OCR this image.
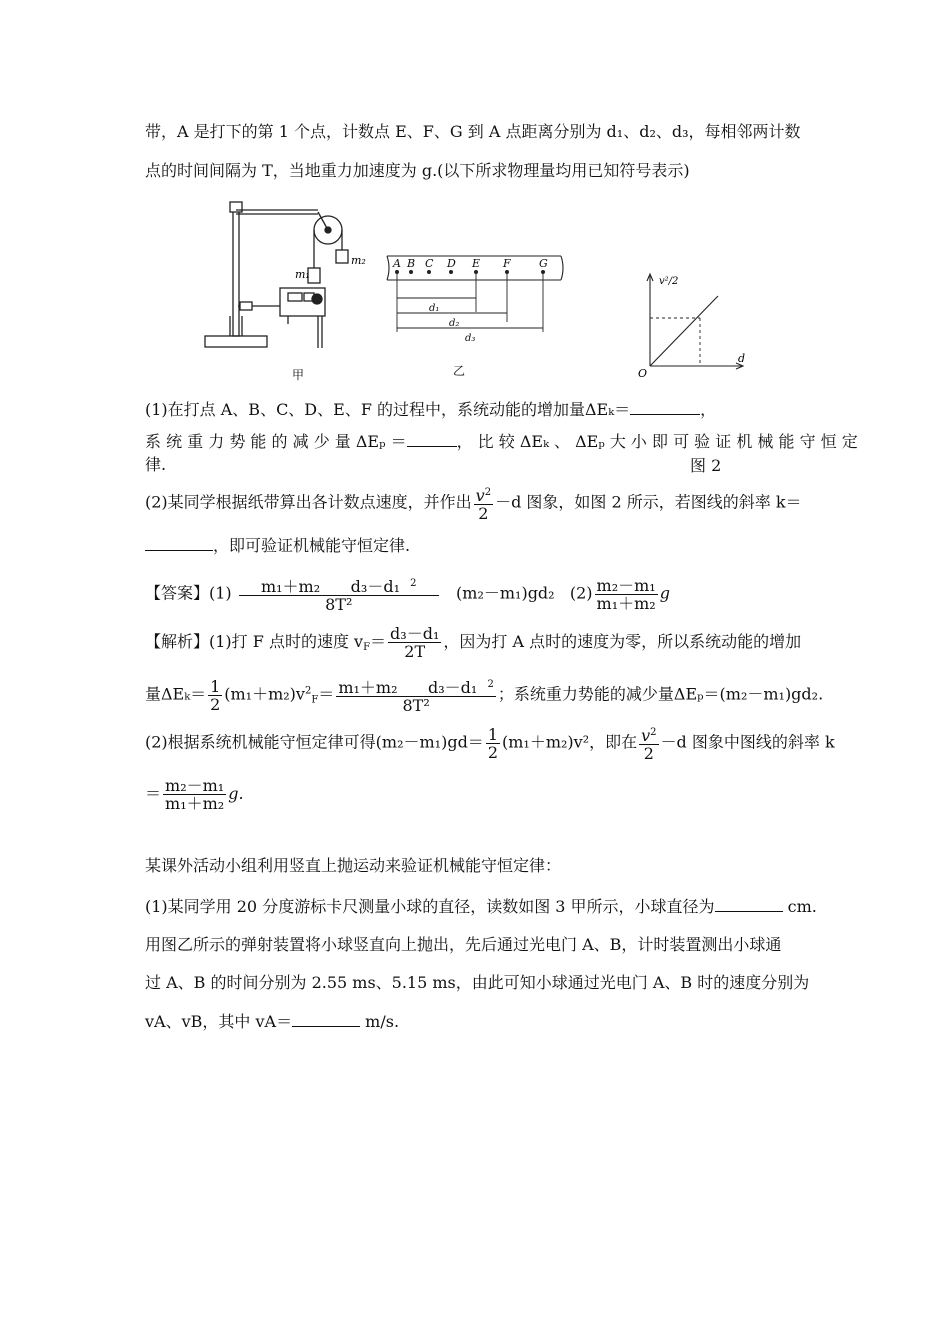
带，A 是打下的第 1 个点，计数点 E、F、G 到 A 点距离分别为 d₁、d₂、d₃，每相邻两计数
点的时间间隔为 T，当地重力加速度为 g.(以下所求物理量均用已知符号表示)
m₁
m₂
甲
A B C D E F	G
d₁
d₂
d₃
乙
v²/2
d
O
(1)在打点 A、B、C、D、E、F 的过程中，系统动能的增加量ΔEₖ＝	，
系 统 重 力 势 能 的 减 少 量 ΔEₚ ＝	， 比 较 ΔEₖ 、 ΔEₚ 大 小 即 可 验 证 机 械 能 守 恒 定
律.	图 2
(2)某同学根据纸带算出各计数点速度，并作出 $\frac{v^2}{2} -d$ 图象，如图 2 所示，若图线的斜率 k＝
，即可验证机械能守恒定律.
【答案】$(1) \frac{m_1+m_2 d_3-d_1 ^2}{\text{8T²}} (m_2-m_1)gd_2$ $(2) \frac{\text{m₂－m₁}}{\text{m₁＋m₂}}$ g
【解析】(1)打 F 点时的速度 $v_F= \frac{\text{d₃－d₁}}{2T}$ ，因为打 A 点时的速度为零，所以系统动能的增加
量$\Delta E_k= \frac{1}{2} (m_1+m_2)v^2_F= \frac{m_1+m_2 d_3-d_1 ^2}{\text{8T²}}$ ；系统重力势能的减少量ΔEₚ＝(m₂－m₁)gd₂.
(2)根据系统机械能守恒定律可得$(m_2-m_1)gd= \frac{1}{2} (m_1+m_2)v^2$，即在 $\frac{v^2}{2} -d$ 图象中图线的斜率 k
＝ $\frac{\text{m₂－m₁}}{\text{m₁＋m₂}} g$.
某课外活动小组利用竖直上抛运动来验证机械能守恒定律：
(1)某同学用 20 分度游标卡尺测量小球的直径，读数如图 3 甲所示，小球直径为	cm.
用图乙所示的弹射装置将小球竖直向上抛出，先后通过光电门 A、B，计时装置测出小球通
过 A、B 的时间分别为 2.55 ms、5.15 ms，由此可知小球通过光电门 A、B 时的速度分别为
vA、vB，其中 vA＝	m/s.
